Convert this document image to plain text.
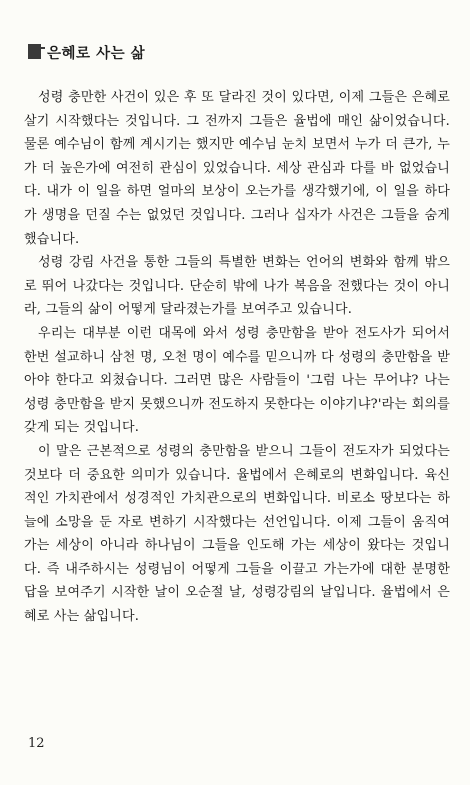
은혜로 사는 삶

성령 충만한 사건이 있은 후 또 달라진 것이 있다면, 이제 그들은 은혜로 살기 시작했다는 것입니다. 그 전까지 그들은 율법에 매인 삶이었습니다. 물론 예수님이 함께 계시기는 했지만 예수님 눈치 보면서 누가 더 큰가, 누가 더 높은가에 여전히 관심이 있었습니다. 세상 관심과 다를 바 없었습니다. 내가 이 일을 하면 얼마의 보상이 오는가를 생각했기에, 이 일을 하다가 생명을 던질 수는 없었던 것입니다. 그러나 십자가 사건은 그들을 숨게 했습니다.

성령 강림 사건을 통한 그들의 특별한 변화는 언어의 변화와 함께 밖으로 뛰어 나갔다는 것입니다. 단순히 밖에 나가 복음을 전했다는 것이 아니라, 그들의 삶이 어떻게 달라졌는가를 보여주고 있습니다.

우리는 대부분 이런 대목에 와서 성령 충만함을 받아 전도사가 되어서 한번 설교하니 삼천 명, 오천 명이 예수를 믿으니까 다 성령의 충만함을 받아야 한다고 외쳤습니다. 그러면 많은 사람들이 '그럼 나는 무어냐? 나는 성령 충만함을 받지 못했으니까 전도하지 못한다는 이야기냐?'라는 회의를 갖게 되는 것입니다.

이 말은 근본적으로 성령의 충만함을 받으니 그들이 전도자가 되었다는 것보다 더 중요한 의미가 있습니다. 율법에서 은혜로의 변화입니다. 육신적인 가치관에서 성경적인 가치관으로의 변화입니다. 비로소 땅보다는 하늘에 소망을 둔 자로 변하기 시작했다는 선언입니다. 이제 그들이 움직여 가는 세상이 아니라 하나님이 그들을 인도해 가는 세상이 왔다는 것입니다. 즉 내주하시는 성령님이 어떻게 그들을 이끌고 가는가에 대한 분명한 답을 보여주기 시작한 날이 오순절 날, 성령강림의 날입니다. 율법에서 은혜로 사는 삶입니다.

12
